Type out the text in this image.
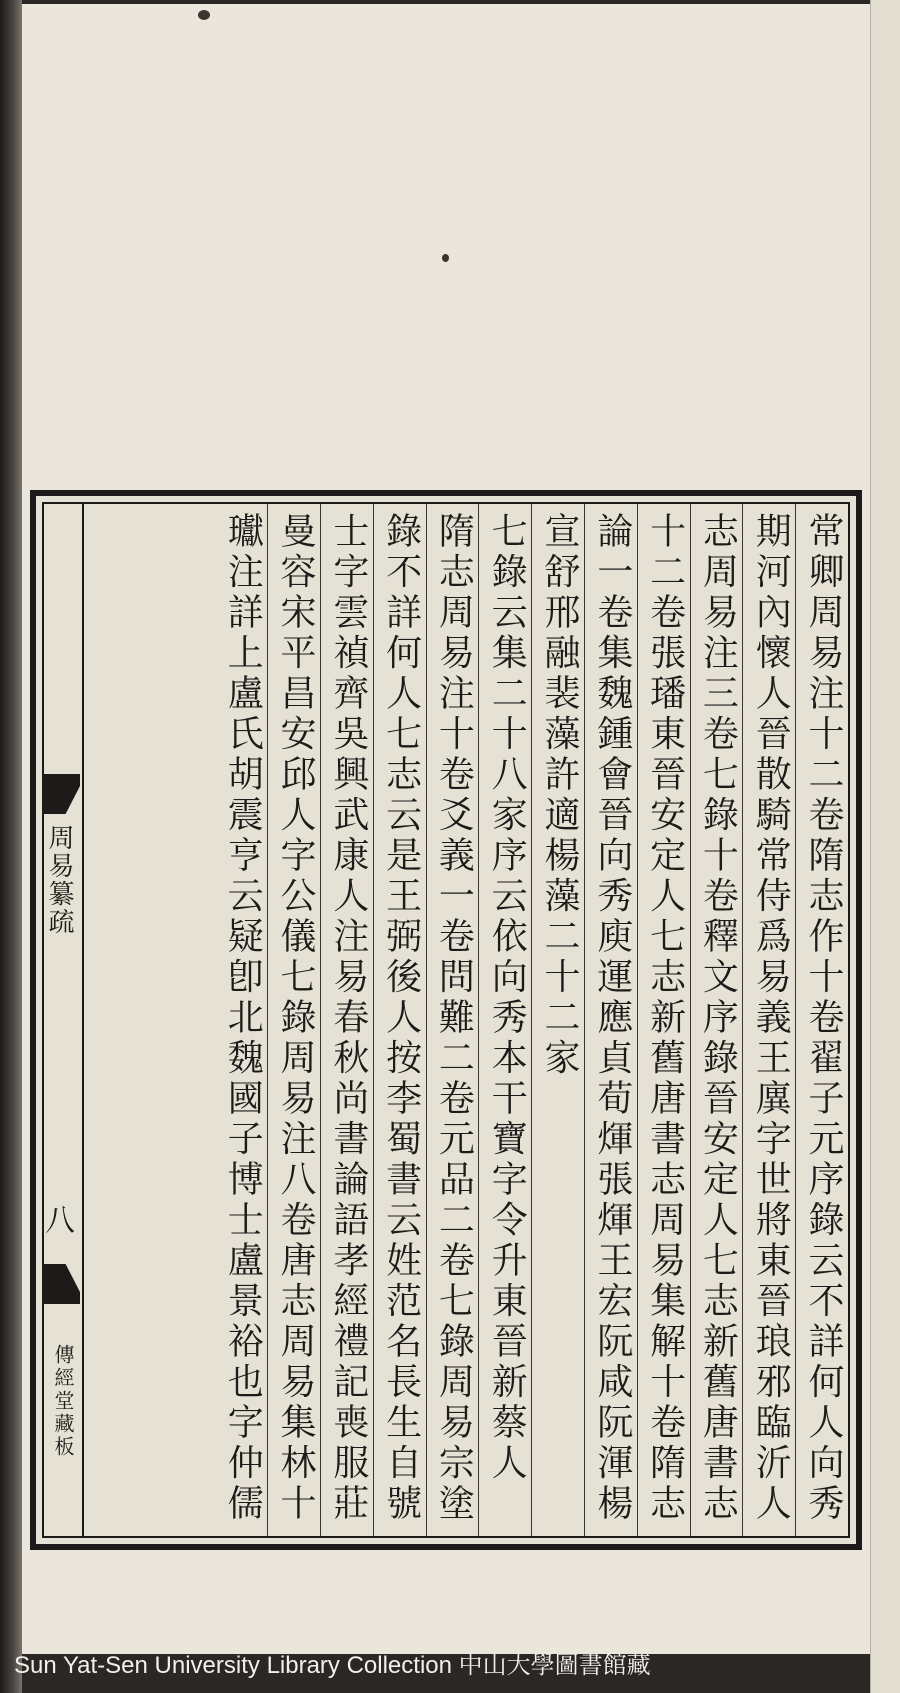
周易纂疏
八
傳經堂藏板
常卿周易注十二卷隋志作十卷翟子元序錄云不詳何人向秀
期河內懷人晉散騎常侍爲易義王廙字世將東晉琅邪臨沂人
志周易注三卷七錄十卷釋文序錄晉安定人七志新舊唐書志
十二卷張璠東晉安定人七志新舊唐書志周易集解十卷隋志
論一卷集魏鍾會晉向秀庾運應貞荀煇張煇王宏阮咸阮渾楊
宣舒邢融裴藻許適楊藻二十二家
七錄云集二十八家序云依向秀本干寶字令升東晉新蔡人
隋志周易注十卷爻義一卷問難二卷元品二卷七錄周易宗塗
錄不詳何人七志云是王弼後人按李蜀書云姓范名長生自號
士字雲禎齊吳興武康人注易春秋尚書論語孝經禮記喪服莊
曼容宋平昌安邱人字公儀七錄周易注八卷唐志周易集林十
瓛注詳上盧氏胡震亨云疑卽北魏國子博士盧景裕也字仲儒
Sun Yat-Sen University Library Collection 中山大學圖書館藏
